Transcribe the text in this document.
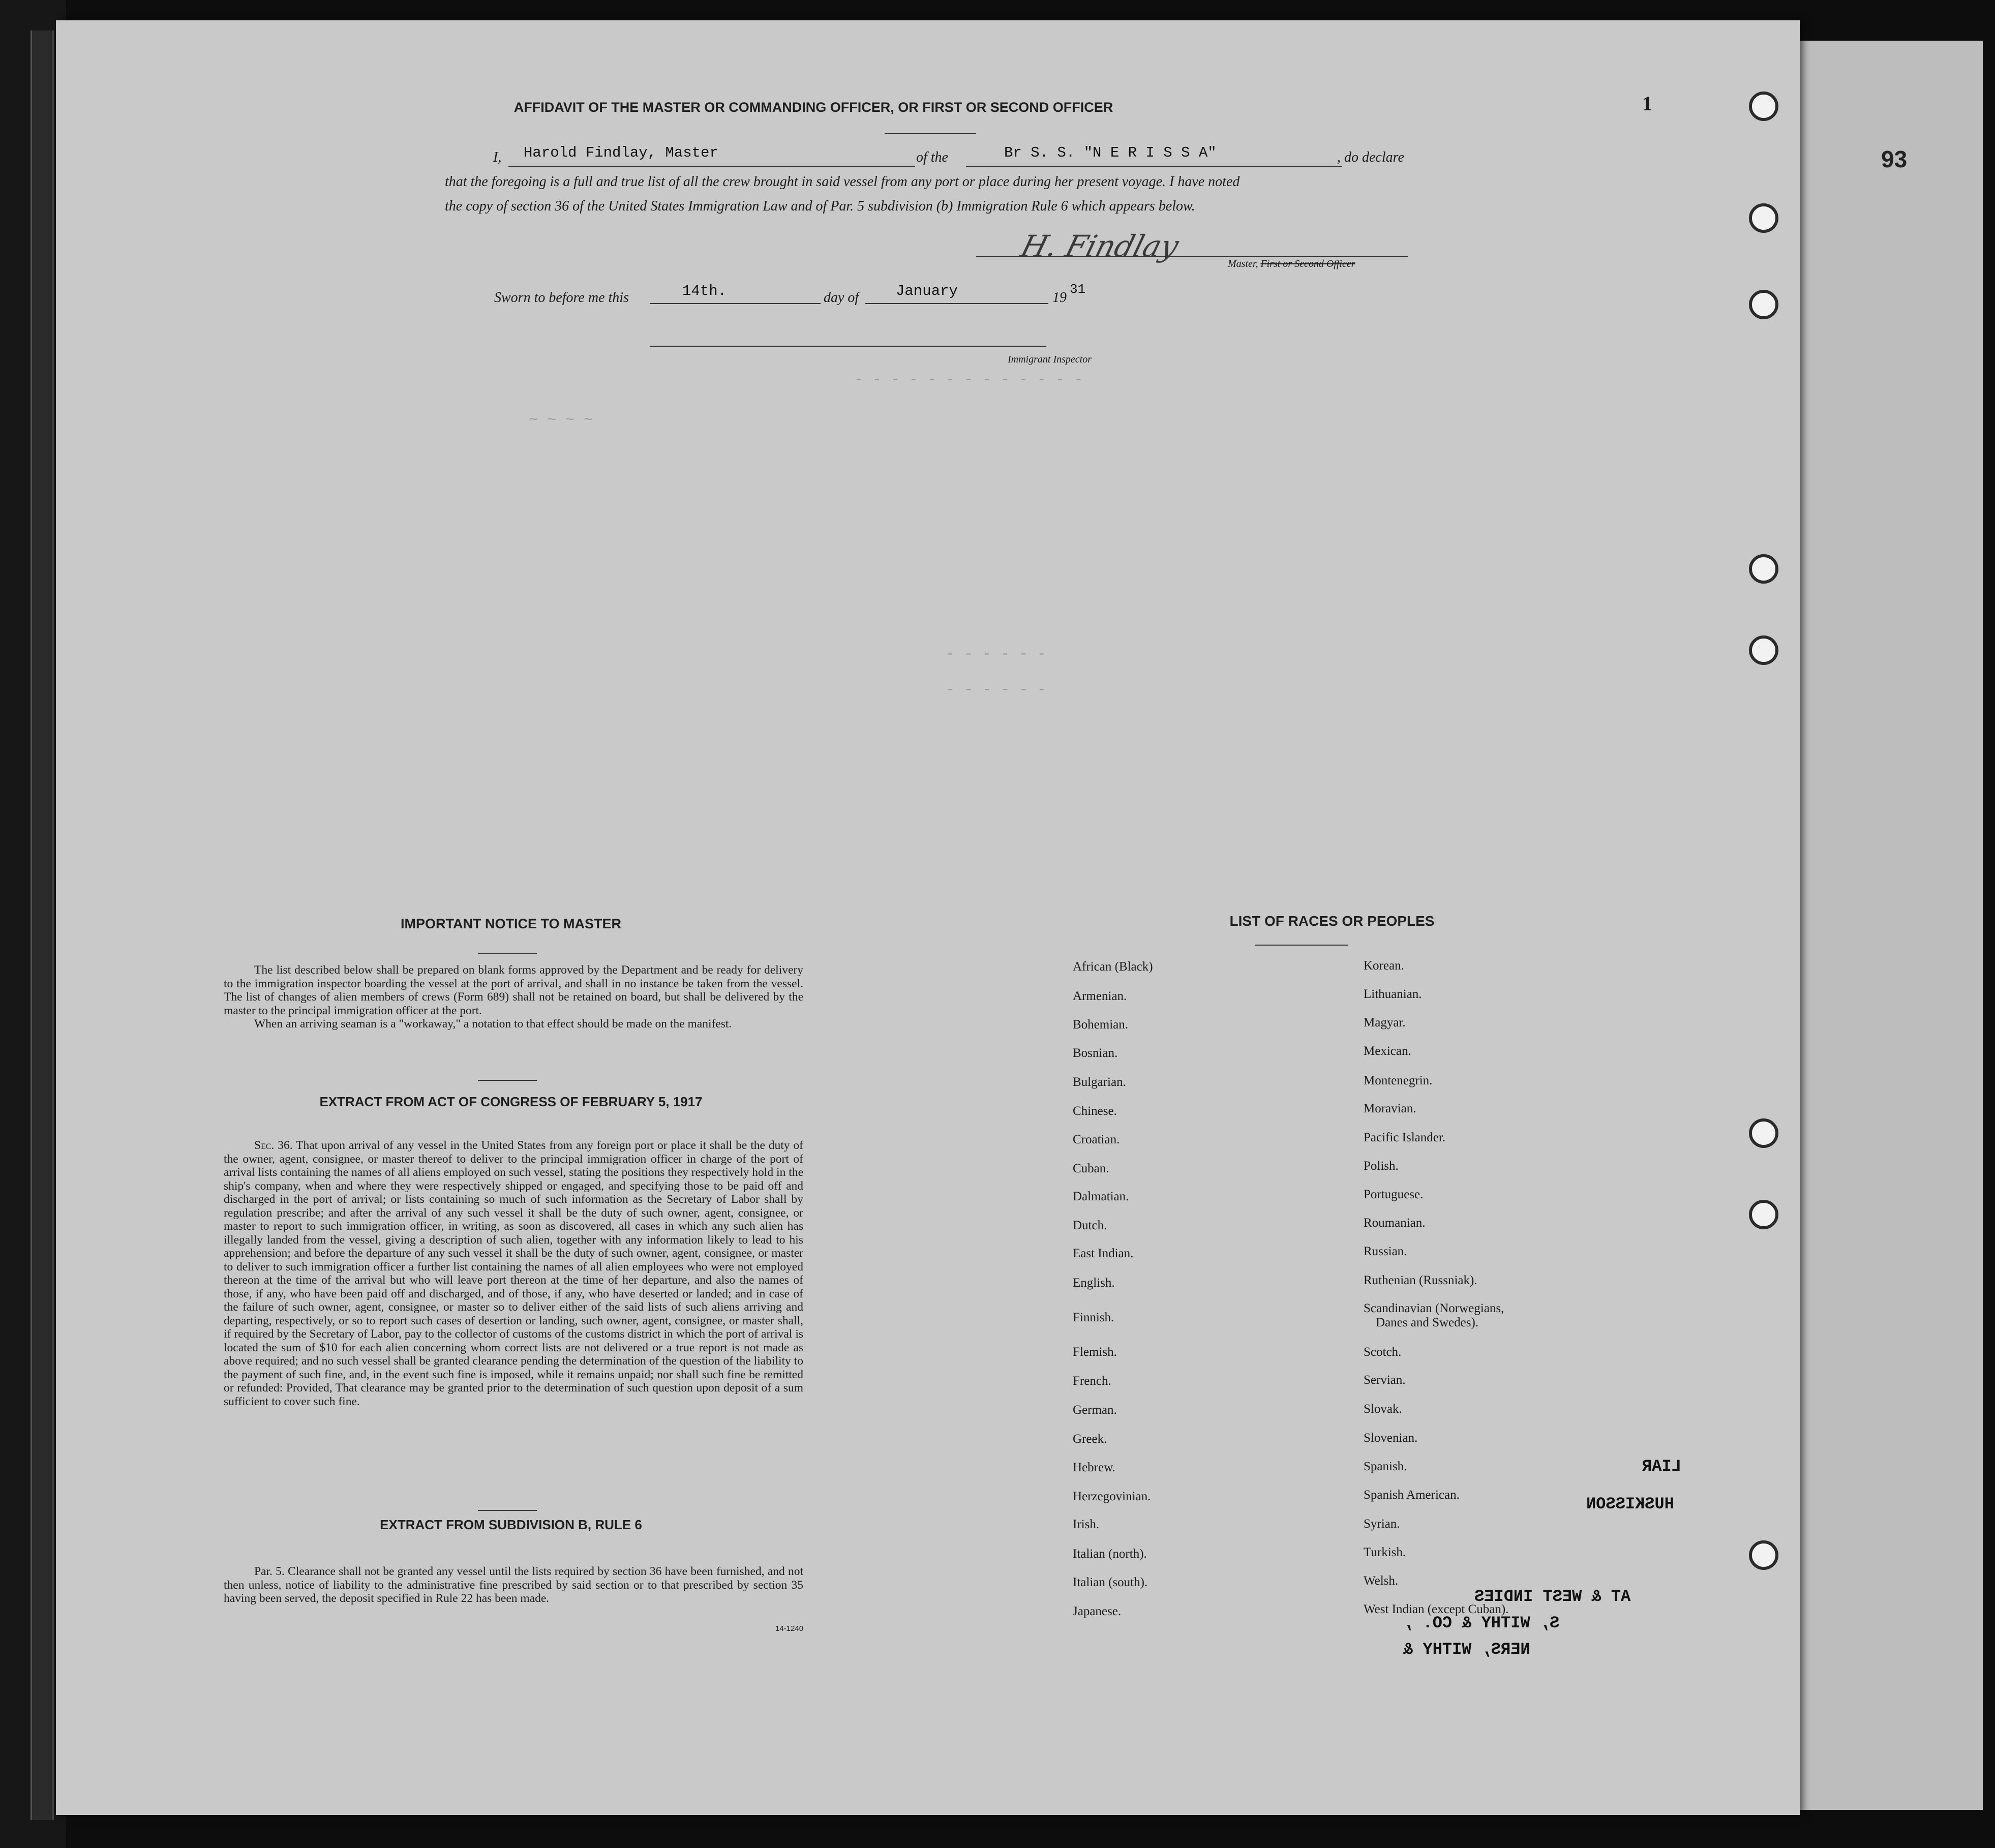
93
1
AFFIDAVIT OF THE MASTER OR COMMANDING OFFICER, OR FIRST OR SECOND OFFICER
I, Harold Findlay, Master	of the	Br S. S. "N E R I S S A"	, do declare
that the foregoing is a full and true list of all the crew brought in said vessel from any port or place during her present voyage. I have noted
the copy of section 36 of the United States Immigration Law and of Par. 5 subdivision (b) Immigration Rule 6 which appears below.
H. Findlay
Master, First or Second Officer
Sworn to before me this	14th.	day of	January	19
31
Immigrant Inspector
- - - - - - - - - - - - -
~ ~ ~ ~
- - - - - -
- - - - - -
IMPORTANT NOTICE TO MASTER

The list described below shall be prepared on blank forms approved by the Department and be ready for delivery to the immigration inspector boarding the vessel at the port of arrival, and shall in no instance be taken from the vessel. The list of changes of alien members of crews (Form 689) shall not be retained on board, but shall be delivered by the master to the principal immigration officer at the port.

When an arriving seaman is a "workaway," a notation to that effect should be made on the manifest.

EXTRACT FROM ACT OF CONGRESS OF FEBRUARY 5, 1917

Sec. 36. That upon arrival of any vessel in the United States from any foreign port or place it shall be the duty of the owner, agent, consignee, or master thereof to deliver to the principal immigration officer in charge of the port of arrival lists containing the names of all aliens employed on such vessel, stating the positions they respectively hold in the ship's company, when and where they were respectively shipped or engaged, and specifying those to be paid off and discharged in the port of arrival; or lists containing so much of such information as the Secretary of Labor shall by regulation prescribe; and after the arrival of any such vessel it shall be the duty of such owner, agent, consignee, or master to report to such immigration officer, in writing, as soon as discovered, all cases in which any such alien has illegally landed from the vessel, giving a description of such alien, together with any information likely to lead to his apprehension; and before the departure of any such vessel it shall be the duty of such owner, agent, consignee, or master to deliver to such immigration officer a further list containing the names of all alien employees who were not employed thereon at the time of the arrival but who will leave port thereon at the time of her departure, and also the names of those, if any, who have been paid off and discharged, and of those, if any, who have deserted or landed; and in case of the failure of such owner, agent, consignee, or master so to deliver either of the said lists of such aliens arriving and departing, respectively, or so to report such cases of desertion or landing, such owner, agent, consignee, or master shall, if required by the Secretary of Labor, pay to the collector of customs of the customs district in which the port of arrival is located the sum of $10 for each alien concerning whom correct lists are not delivered or a true report is not made as above required; and no such vessel shall be granted clearance pending the determination of the question of the liability to the payment of such fine, and, in the event such fine is imposed, while it remains unpaid; nor shall such fine be remitted or refunded: Provided, That clearance may be granted prior to the determination of such question upon deposit of a sum sufficient to cover such fine.

EXTRACT FROM SUBDIVISION B, RULE 6

Par. 5. Clearance shall not be granted any vessel until the lists required by section 36 have been furnished, and not then unless, notice of liability to the administrative fine prescribed by said section or to that prescribed by section 35 having been served, the deposit specified in Rule 22 has been made.

14-1240
LIST OF RACES OR PEOPLES
African (Black)
Armenian.
Bohemian.
Bosnian.
Bulgarian.
Chinese.
Croatian.
Cuban.
Dalmatian.
Dutch.
East Indian.
English.
Finnish.
Flemish.
French.
German.
Greek.
Hebrew.
Herzegovinian.
Irish.
Italian (north).
Italian (south).
Japanese.
Korean.
Lithuanian.
Magyar.
Mexican.
Montenegrin.
Moravian.
Pacific Islander.
Polish.
Portuguese.
Roumanian.
Russian.
Ruthenian (Russniak).
Scandinavian (Norwegians,
Danes and Swedes).
Scotch.
Servian.
Slovak.
Slovenian.
Spanish.
Spanish American.
Syrian.
Turkish.
Welsh.
West Indian (except Cuban).
LIAR
HUSKISSON
AT & WEST INDIES
S, WITHY & CO. ,
NERS, WITHY &
